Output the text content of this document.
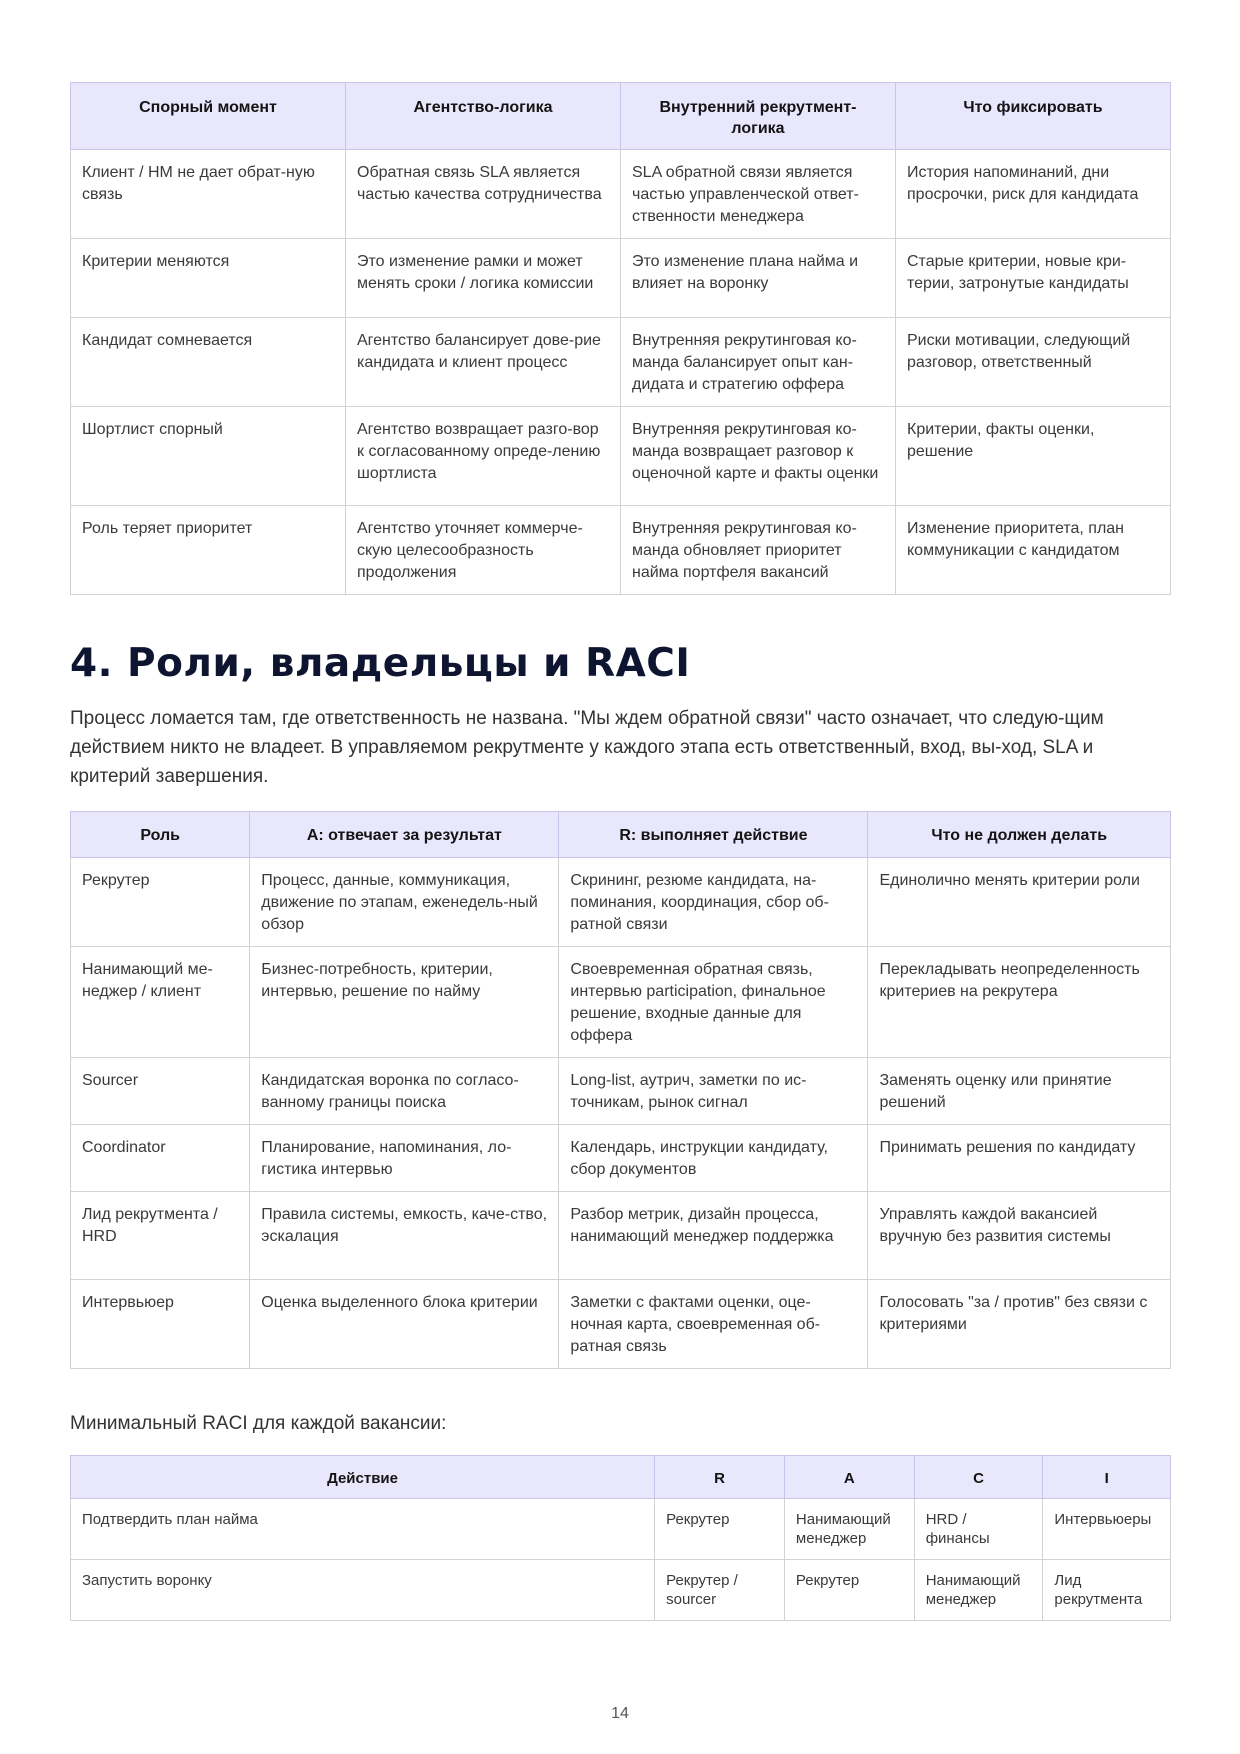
Спорный момент	Агентство-логика	Внутренний рекрутмент-логика	Что фиксировать
Клиент / HM не дает обрат-ную связь	Обратная связь SLA является частью качества сотрудничества	SLA обратной связи является частью управленческой ответ-ственности менеджера	История напоминаний, дни просрочки, риск для кандидата
Критерии меняются	Это изменение рамки и может менять сроки / логика комиссии	Это изменение плана найма и влияет на воронку	Старые критерии, новые кри-терии, затронутые кандидаты
Кандидат сомневается	Агентство балансирует дове-рие кандидата и клиент процесс	Внутренняя рекрутинговая ко-манда балансирует опыт кан-дидата и стратегию оффера	Риски мотивации, следующий разговор, ответственный
Шортлист спорный	Агентство возвращает разго-вор к согласованному опреде-лению шортлиста	Внутренняя рекрутинговая ко-манда возвращает разговор к оценочной карте и факты оценки	Критерии, факты оценки, решение
Роль теряет приоритет	Агентство уточняет коммерче-скую целесообразность продолжения	Внутренняя рекрутинговая ко-манда обновляет приоритет найма портфеля вакансий	Изменение приоритета, план коммуникации с кандидатом
4. Роли, владельцы и RACI

Процесс ломается там, где ответственность не названа. "Мы ждем обратной связи" часто означает, что следую-щим действием никто не владеет. В управляемом рекрутменте у каждого этапа есть ответственный, вход, вы-ход, SLA и критерий завершения.

Роль	A: отвечает за результат	R: выполняет действие	Что не должен делать
Рекрутер	Процесс, данные, коммуникация, движение по этапам, еженедель-ный обзор	Скрининг, резюме кандидата, на-поминания, координация, сбор об-ратной связи	Единолично менять критерии роли
Нанимающий ме-неджер / клиент	Бизнес-потребность, критерии, интервью, решение по найму	Своевременная обратная связь, интервью participation, финальное решение, входные данные для оффера	Перекладывать неопределенность критериев на рекрутера
Sourcer	Кандидатская воронка по согласо-ванному границы поиска	Long-list, аутрич, заметки по ис-точникам, рынок сигнал	Заменять оценку или принятие решений
Coordinator	Планирование, напоминания, ло-гистика интервью	Календарь, инструкции кандидату, сбор документов	Принимать решения по кандидату
Лид рекрутмента / HRD	Правила системы, емкость, каче-ство, эскалация	Разбор метрик, дизайн процесса, нанимающий менеджер поддержка	Управлять каждой вакансией вручную без развития системы
Интервьюер	Оценка выделенного блока критерии	Заметки с фактами оценки, оце-ночная карта, своевременная об-ратная связь	Голосовать "за / против" без связи с критериями

Минимальный RACI для каждой вакансии:

Действие	R	A	C	I
Подтвердить план найма	Рекрутер	Нанимающий менеджер	HRD / финансы	Интервьюеры
Запустить воронку	Рекрутер / sourcer	Рекрутер	Нанимающий менеджер	Лид рекрутмента
14
